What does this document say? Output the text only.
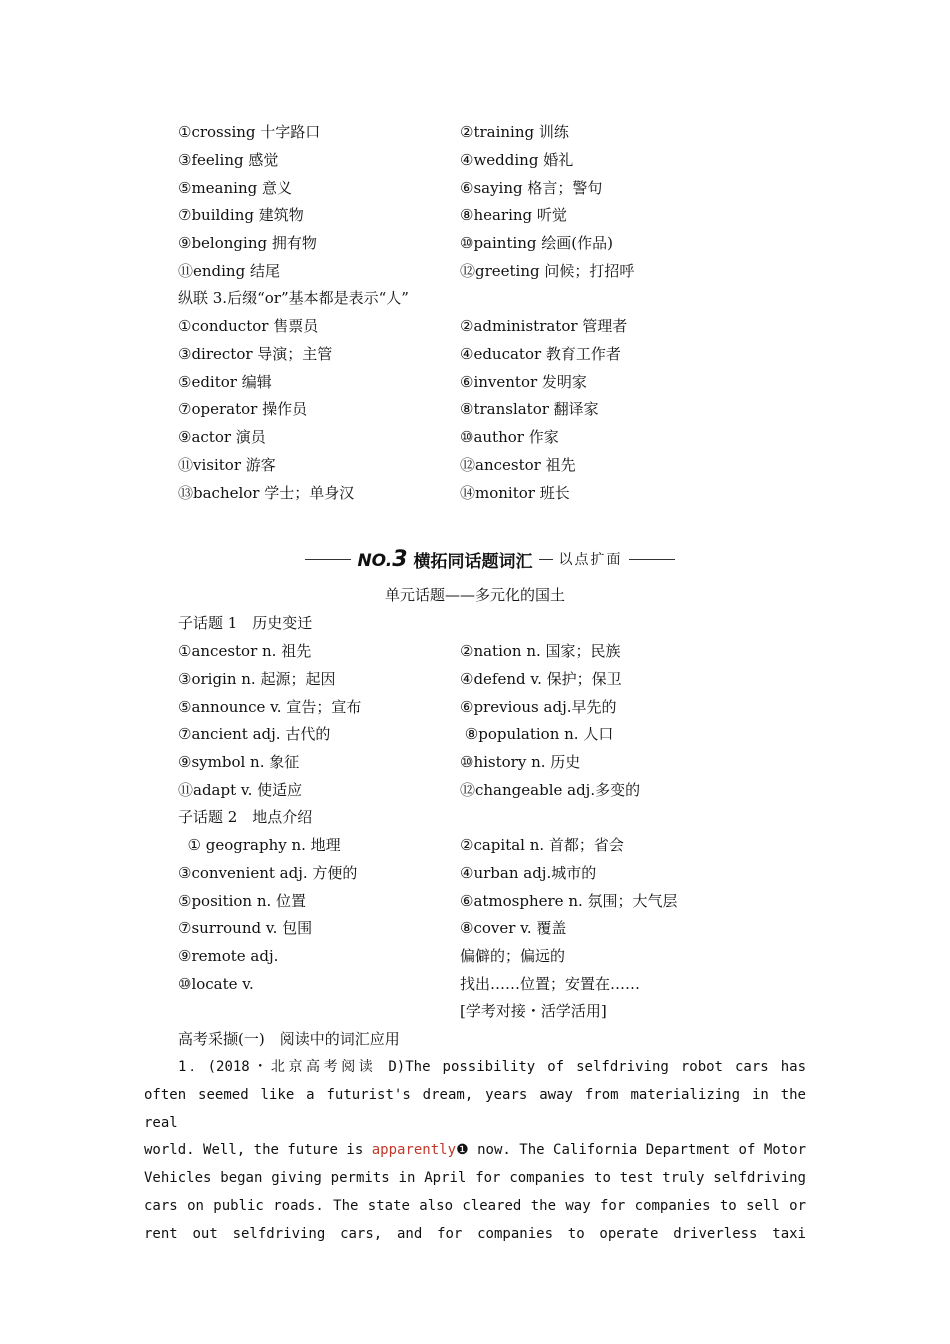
①crossing 十字路口	②training 训练
③feeling 感觉	④wedding 婚礼
⑤meaning 意义	⑥saying 格言；警句
⑦building 建筑物	⑧hearing 听觉
⑨belonging 拥有物	⑩painting 绘画(作品)
⑪ending 结尾	⑫greeting 问候；打招呼
纵联 3.后缀“or”基本都是表示“人”
①conductor 售票员	②administrator 管理者
③director 导演；主管	④educator 教育工作者
⑤editor 编辑	⑥inventor 发明家
⑦operator 操作员	⑧translator 翻译家
⑨actor 演员	⑩author 作家
⑪visitor 游客	⑫ancestor 祖先
⑬bachelor 学士；单身汉	⑭monitor 班长
NO.3 横拓同话题词汇 以点扩面
单元话题——多元化的国土
子话题 1　历史变迁
①ancestor n. 祖先	②nation n. 国家；民族
③origin n. 起源；起因	④defend v. 保护；保卫
⑤announce v. 宣告；宣布	⑥previous adj.早先的
⑦ancient adj. 古代的	⑧population n. 人口
⑨symbol n. 象征	⑩history n. 历史
⑪adapt v. 使适应	⑫changeable adj.多变的
子话题 2　地点介绍
① geography n. 地理	②capital n. 首都；省会
③convenient adj. 方便的	④urban adj.城市的
⑤position n. 位置	⑥atmosphere n. 氛围；大气层
⑦surround v. 包围	⑧cover v. 覆盖
⑨remote adj.	偏僻的；偏远的
⑩locate v.	找出……位置；安置在……
[学考对接・活学活用]
高考采撷(一)　阅读中的词汇应用
1．(2018・北京高考阅读 D)The possibility of selfdriving robot cars has
often seemed like a futurist's dream, years away from materializing in the real
world. Well, the future is apparently❶ now. The California Department of Motor
Vehicles began giving permits in April for companies to test truly selfdriving
cars on public roads. The state also cleared the way for companies to sell or
rent out selfdriving cars, and for companies to operate driverless taxi
